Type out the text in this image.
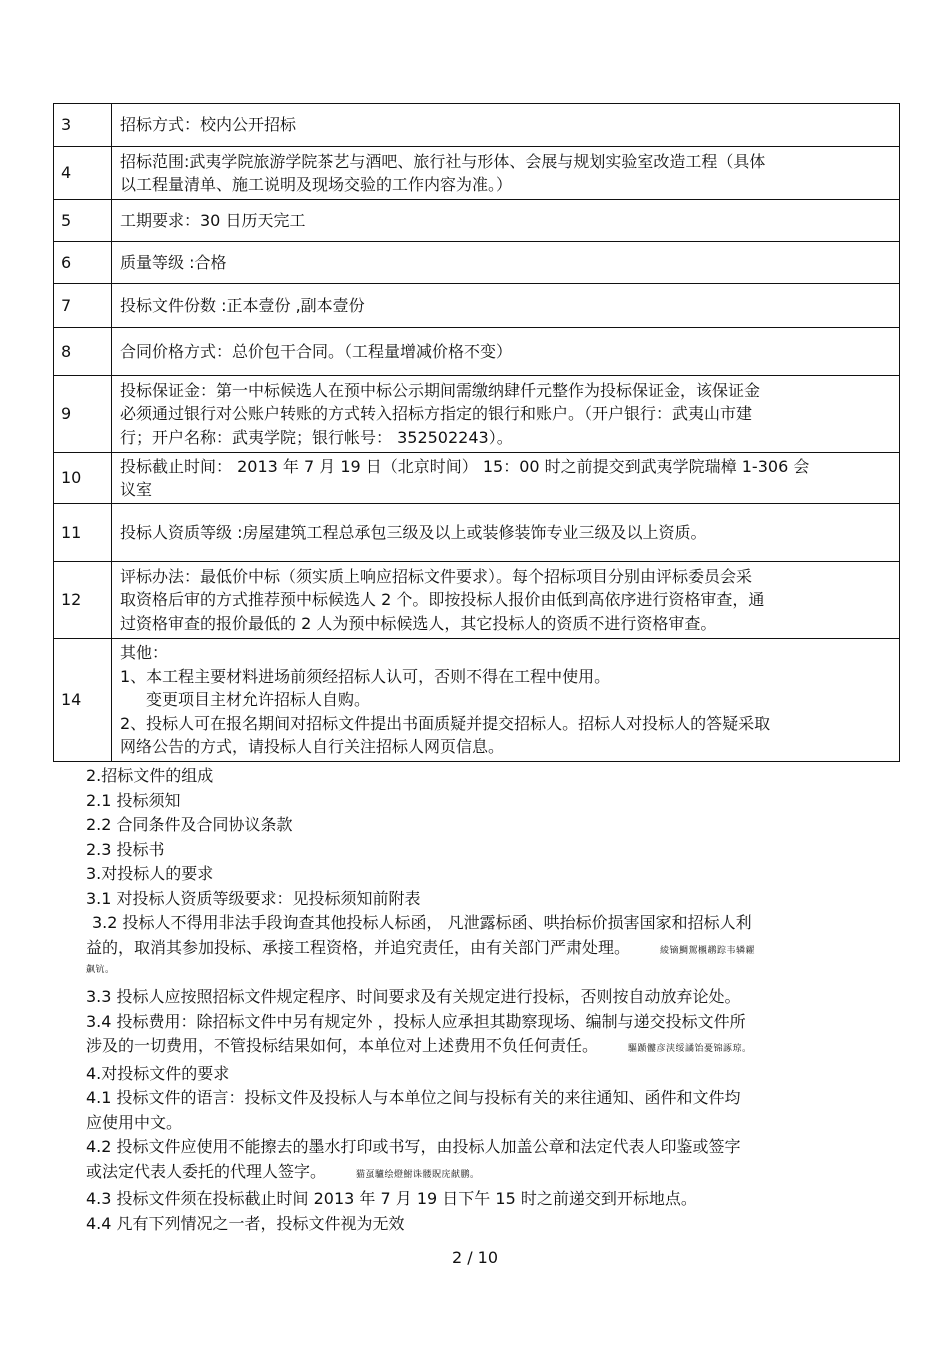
3	招标方式：校内公开招标

4	招标范围:武夷学院旅游学院茶艺与酒吧、旅行社与形体、会展与规划实验室改造工程（具体
以工程量清单、施工说明及现场交验的工作内容为准。）

5	工期要求：30 日历天完工

6	质量等级 :合格

7	投标文件份数 :正本壹份 ,副本壹份

8	合同价格方式：总价包干合同。（工程量增减价格不变）

9	投标保证金：第一中标候选人在预中标公示期间需缴纳肆仟元整作为投标保证金，该保证金
必须通过银行对公账户转账的方式转入招标方指定的银行和账户。（开户银行：武夷山市建
行；开户名称：武夷学院；银行帐号： 352502243）。

10	投标截止时间： 2013 年 7 月 19 日（北京时间） 15：00 时之前提交到武夷学院瑞樟 1-306 会
议室

11	投标人资质等级 :房屋建筑工程总承包三级及以上或装修装饰专业三级及以上资质。

12	评标办法：最低价中标（须实质上响应招标文件要求）。每个招标项目分别由评标委员会采
取资格后审的方式推荐预中标候选人 2 个。即按投标人报价由低到高依序进行资格审查，通
过资格审查的报价最低的 2 人为预中标候选人，其它投标人的资质不进行资格审查。

14	其他：
1、本工程主要材料进场前须经招标人认可，否则不得在工程中使用。
变更项目主材允许招标人自购。
2、投标人可在报名期间对招标文件提出书面质疑并提交招标人。招标人对投标人的答疑采取
网络公告的方式，请投标人自行关注招标人网页信息。

2.招标文件的组成

2.1 投标须知

2.2 合同条件及合同协议条款

2.3 投标书

3.对投标人的要求

3.1 对投标人资质等级要求：见投标须知前附表

3.2 投标人不得用非法手段询查其他投标人标函， 凡泄露标函、哄抬标价损害国家和招标人利

益的，取消其参加投标、承接工程资格，并追究责任，由有关部门严肃处理。	綾镝鯛駕櫬鹕踪韦辚糴

飙钪。

3.3 投标人应按照招标文件规定程序、时间要求及有关规定进行投标，否则按自动放弃论处。

3.4 投标费用：除招标文件中另有规定外 ，投标人应承担其勘察现场、编制与递交投标文件所

涉及的一切费用，不管投标结果如何，本单位对上述费用不负任何责任。	驅踬髏彦浃绥譎饴憂锦諑琼。

4.对投标文件的要求

4.1 投标文件的语言：投标文件及投标人与本单位之间与投标有关的来往通知、函件和文件均

应使用中文。

4.2 投标文件应使用不能擦去的墨水打印或书写，由投标人加盖公章和法定代表人印鉴或签字

或法定代表人委托的代理人签字。	猫虿驢绘燈鮒诛髅貺庑献鹏。

4.3 投标文件须在投标截止时间 2013 年 7 月 19 日下午 15 时之前递交到开标地点。

4.4 凡有下列情况之一者，投标文件视为无效

2 / 10
